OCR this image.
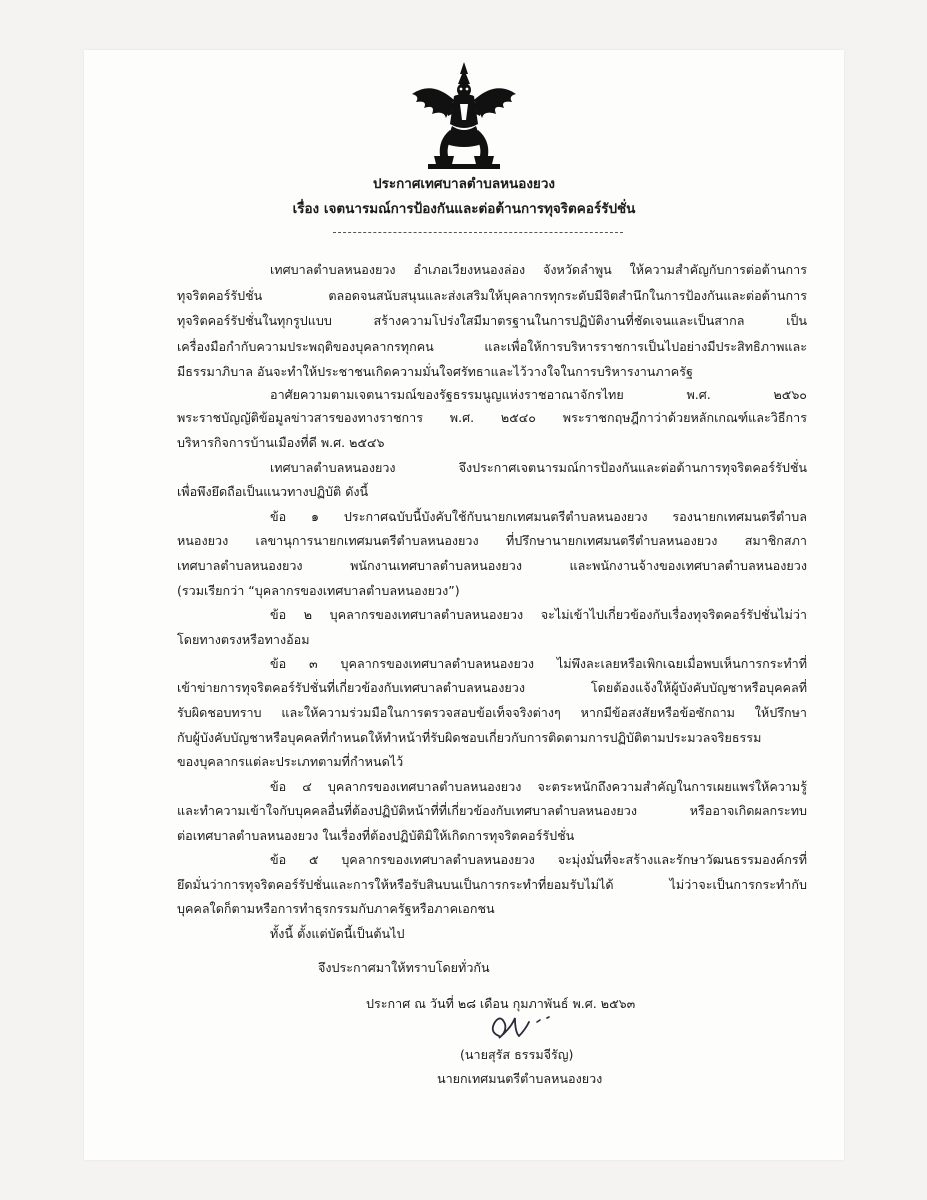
ประกาศเทศบาลตำบลหนองยวง
เรื่อง เจตนารมณ์การป้องกันและต่อต้านการทุจริตคอร์รัปชั่น
เทศบาลตำบลหนองยวง อำเภอเวียงหนองล่อง จังหวัดลำพูน ให้ความสำคัญกับการต่อต้านการ
ทุจริตคอร์รัปชั่น ตลอดจนสนับสนุนและส่งเสริมให้บุคลากรทุกระดับมีจิตสำนึกในการป้องกันและต่อต้านการ
ทุจริตคอร์รัปชั่นในทุกรูปแบบ สร้างความโปร่งใสมีมาตรฐานในการปฏิบัติงานที่ชัดเจนและเป็นสากล เป็น
เครื่องมือกำกับความประพฤติของบุคลากรทุกคน และเพื่อให้การบริหารราชการเป็นไปอย่างมีประสิทธิภาพและ
มีธรรมาภิบาล อันจะทำให้ประชาชนเกิดความมั่นใจศรัทธาและไว้วางใจในการบริหารงานภาครัฐ
อาศัยความตามเจตนารมณ์ของรัฐธรรมนูญแห่งราชอาณาจักรไทย พ.ศ. ๒๕๖๐
พระราชบัญญัติข้อมูลข่าวสารของทางราชการ พ.ศ. ๒๕๔๐ พระราชกฤษฎีกาว่าด้วยหลักเกณฑ์และวิธีการ
บริหารกิจการบ้านเมืองที่ดี พ.ศ. ๒๕๔๖
เทศบาลตำบลหนองยวง จึงประกาศเจตนารมณ์การป้องกันและต่อต้านการทุจริตคอร์รัปชั่น
เพื่อพึงยึดถือเป็นแนวทางปฏิบัติ ดังนี้
ข้อ ๑ ประกาศฉบับนี้บังคับใช้กับนายกเทศมนตรีตำบลหนองยวง รองนายกเทศมนตรีตำบล
หนองยวง เลขานุการนายกเทศมนตรีตำบลหนองยวง ที่ปรึกษานายกเทศมนตรีตำบลหนองยวง สมาชิกสภา
เทศบาลตำบลหนองยวง พนักงานเทศบาลตำบลหนองยวง และพนักงานจ้างของเทศบาลตำบลหนองยวง
(รวมเรียกว่า “บุคลากรของเทศบาลตำบลหนองยวง”)
ข้อ ๒ บุคลากรของเทศบาลตำบลหนองยวง จะไม่เข้าไปเกี่ยวข้องกับเรื่องทุจริตคอร์รัปชั่นไม่ว่า
โดยทางตรงหรือทางอ้อม
ข้อ ๓ บุคลากรของเทศบาลตำบลหนองยวง ไม่พึงละเลยหรือเพิกเฉยเมื่อพบเห็นการกระทำที่
เข้าข่ายการทุจริตคอร์รัปชั่นที่เกี่ยวข้องกับเทศบาลตำบลหนองยวง โดยต้องแจ้งให้ผู้บังคับบัญชาหรือบุคคลที่
รับผิดชอบทราบ และให้ความร่วมมือในการตรวจสอบข้อเท็จจริงต่างๆ หากมีข้อสงสัยหรือข้อซักถาม ให้ปรึกษา
กับผู้บังคับบัญชาหรือบุคคลที่กำหนดให้ทำหน้าที่รับผิดชอบเกี่ยวกับการติดตามการปฏิบัติตามประมวลจริยธรรม
ของบุคลากรแต่ละประเภทตามที่กำหนดไว้
ข้อ ๔ บุคลากรของเทศบาลตำบลหนองยวง จะตระหนักถึงความสำคัญในการเผยแพร่ให้ความรู้
และทำความเข้าใจกับบุคคลอื่นที่ต้องปฏิบัติหน้าที่ที่เกี่ยวข้องกับเทศบาลตำบลหนองยวง หรืออาจเกิดผลกระทบ
ต่อเทศบาลตำบลหนองยวง ในเรื่องที่ต้องปฏิบัติมิให้เกิดการทุจริตคอร์รัปชั่น
ข้อ ๕ บุคลากรของเทศบาลตำบลหนองยวง จะมุ่งมั่นที่จะสร้างและรักษาวัฒนธรรมองค์กรที่
ยึดมั่นว่าการทุจริตคอร์รัปชั่นและการให้หรือรับสินบนเป็นการกระทำที่ยอมรับไม่ได้ ไม่ว่าจะเป็นการกระทำกับ
บุคคลใดก็ตามหรือการทำธุรกรรมกับภาครัฐหรือภาคเอกชน
ทั้งนี้ ตั้งแต่บัดนี้เป็นต้นไป
จึงประกาศมาให้ทราบโดยทั่วกัน
ประกาศ ณ วันที่ ๒๘ เดือน กุมภาพันธ์ พ.ศ. ๒๕๖๓
(นายสุรัส ธรรมจีรัญ)
นายกเทศมนตรีตำบลหนองยวง
